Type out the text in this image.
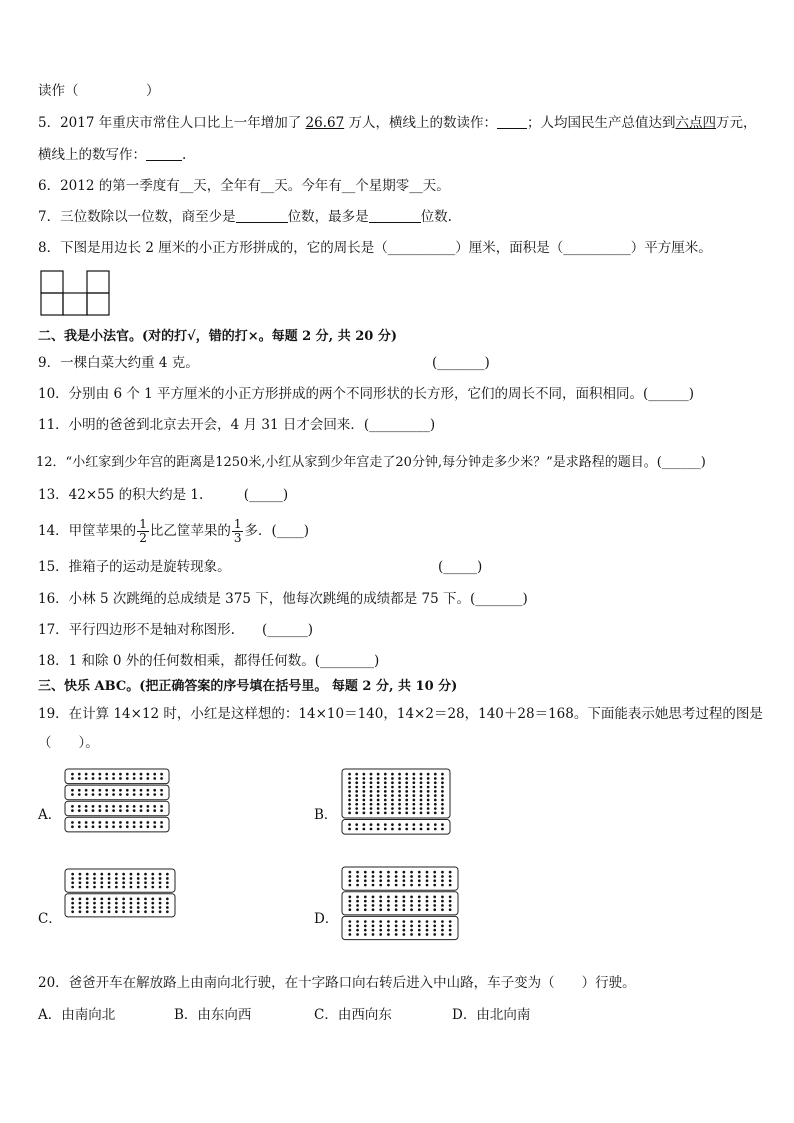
读作（　　　　　）
5．2017 年重庆市常住人口比上一年增加了 26.67 万人，横线上的数读作： ；人均国民生产总值达到六点四万元，
横线上的数写作：	.
6．2012 的第一季度有__天，全年有__天。今年有__个星期零__天。
7．三位数除以一位数，商至少是	位数，最多是	位数.
8．下图是用边长 2 厘米的小正方形拼成的，它的周长是（__________）厘米，面积是（__________）平方厘米。
二、我是小法官。(对的打√，错的打×。每题 2 分, 共 20 分)
9．一棵白菜大约重 4 克。	(_______)
10．分别由 6 个 1 平方厘米的小正方形拼成的两个不同形状的长方形，它们的周长不同，面积相同。(______)
11．小明的爸爸到北京去开会，4 月 31 日才会回来．(_________)
12．“小红家到少年宫的距离是1250米,小红从家到少年宫走了20分钟,每分钟走多少米？”是求路程的题目。(______)
13．42×55 的积大约是 1.　　　(_____)
14．甲筐苹果的 $\frac{1}{2}$ 比乙筐苹果的 $\frac{1}{3}$ 多．(____)
15．推箱子的运动是旋转现象。	(_____)
16．小林 5 次跳绳的总成绩是 375 下，他每次跳绳的成绩都是 75 下。(_______)
17．平行四边形不是轴对称图形.　　(______)
18．1 和除 0 外的任何数相乘，都得任何数。(________)
三、快乐 ABC。(把正确答案的序号填在括号里。 每题 2 分, 共 10 分)
19．在计算 14×12 时，小红是这样想的：14×10＝140，14×2＝28，140＋28＝168。下面能表示她思考过程的图是
（　　）。
A．	B．
C．	D．
20．爸爸开车在解放路上由南向北行驶，在十字路口向右转后进入中山路，车子变为（　　）行驶。
A．由南向北	B．由东向西	C．由西向东	D．由北向南
